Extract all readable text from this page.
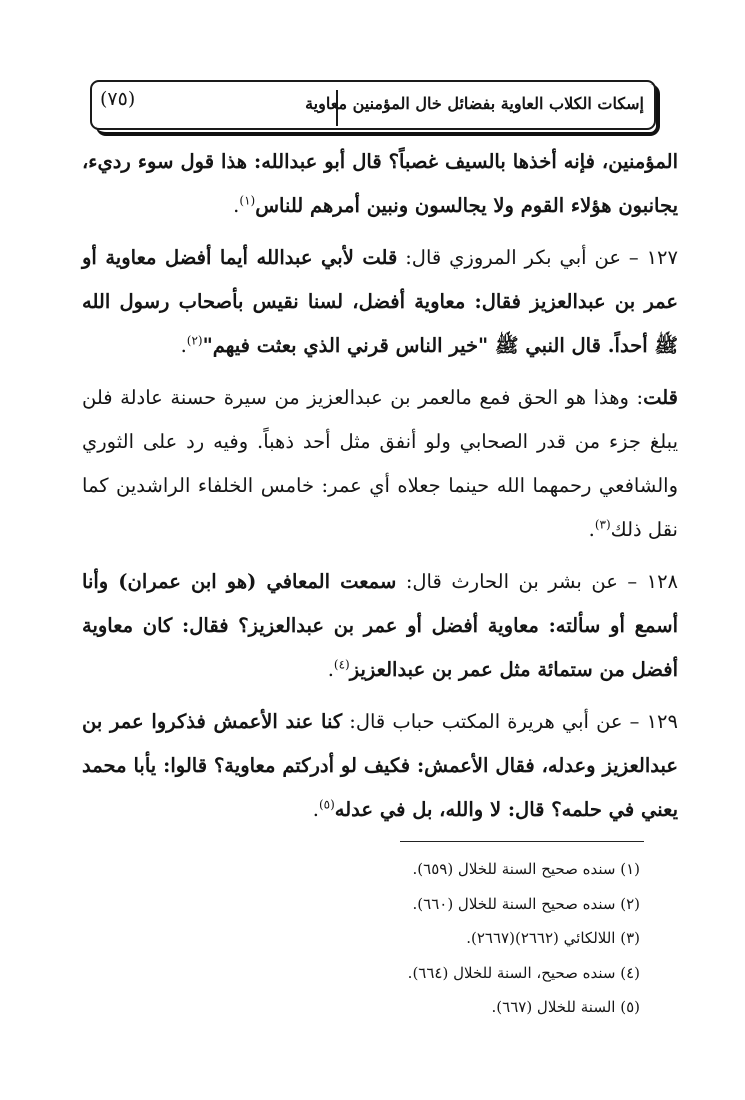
(٧٥)	إسكات الكلاب العاوية بفضائل خال المؤمنين معاوية

المؤمنين، فإنه أخذها بالسيف غصباً؟ قال أبو عبدالله: هذا قول سوء رديء، يجانبون هؤلاء القوم ولا يجالسون ونبين أمرهم للناس$^{(١)}$.

١٢٧ – عن أبي بكر المروزي قال: قلت لأبي عبدالله أيما أفضل معاوية أو عمر بن عبدالعزيز فقال: معاوية أفضل، لسنا نقيس بأصحاب رسول الله ﷺ أحداً. قال النبي ﷺ "خير الناس قرني الذي بعثت فيهم"$^{(٢)}$.

قلت: وهذا هو الحق فمع مالعمر بن عبدالعزيز من سيرة حسنة عادلة فلن يبلغ جزء من قدر الصحابي ولو أنفق مثل أحد ذهباً. وفيه رد على الثوري والشافعي رحمهما الله حينما جعلاه أي عمر: خامس الخلفاء الراشدين كما نقل ذلك$^{(٣)}$.

١٢٨ – عن بشر بن الحارث قال: سمعت المعافي (هو ابن عمران) وأنا أسمع أو سألته: معاوية أفضل أو عمر بن عبدالعزيز؟ فقال: كان معاوية أفضل من ستمائة مثل عمر بن عبدالعزيز$^{(٤)}$.

١٢٩ – عن أبي هريرة المكتب حباب قال: كنا عند الأعمش فذكروا عمر بن عبدالعزيز وعدله، فقال الأعمش: فكيف لو أدركتم معاوية؟ قالوا: يأبا محمد يعني في حلمه؟ قال: لا والله، بل في عدله$^{(٥)}$.

(١) سنده صحيح السنة للخلال (٦٥٩).

(٢) سنده صحيح السنة للخلال (٦٦٠).

(٣) اللالكائي (٢٦٦٢)(٢٦٦٧).

(٤) سنده صحيح، السنة للخلال (٦٦٤).

(٥) السنة للخلال (٦٦٧).
